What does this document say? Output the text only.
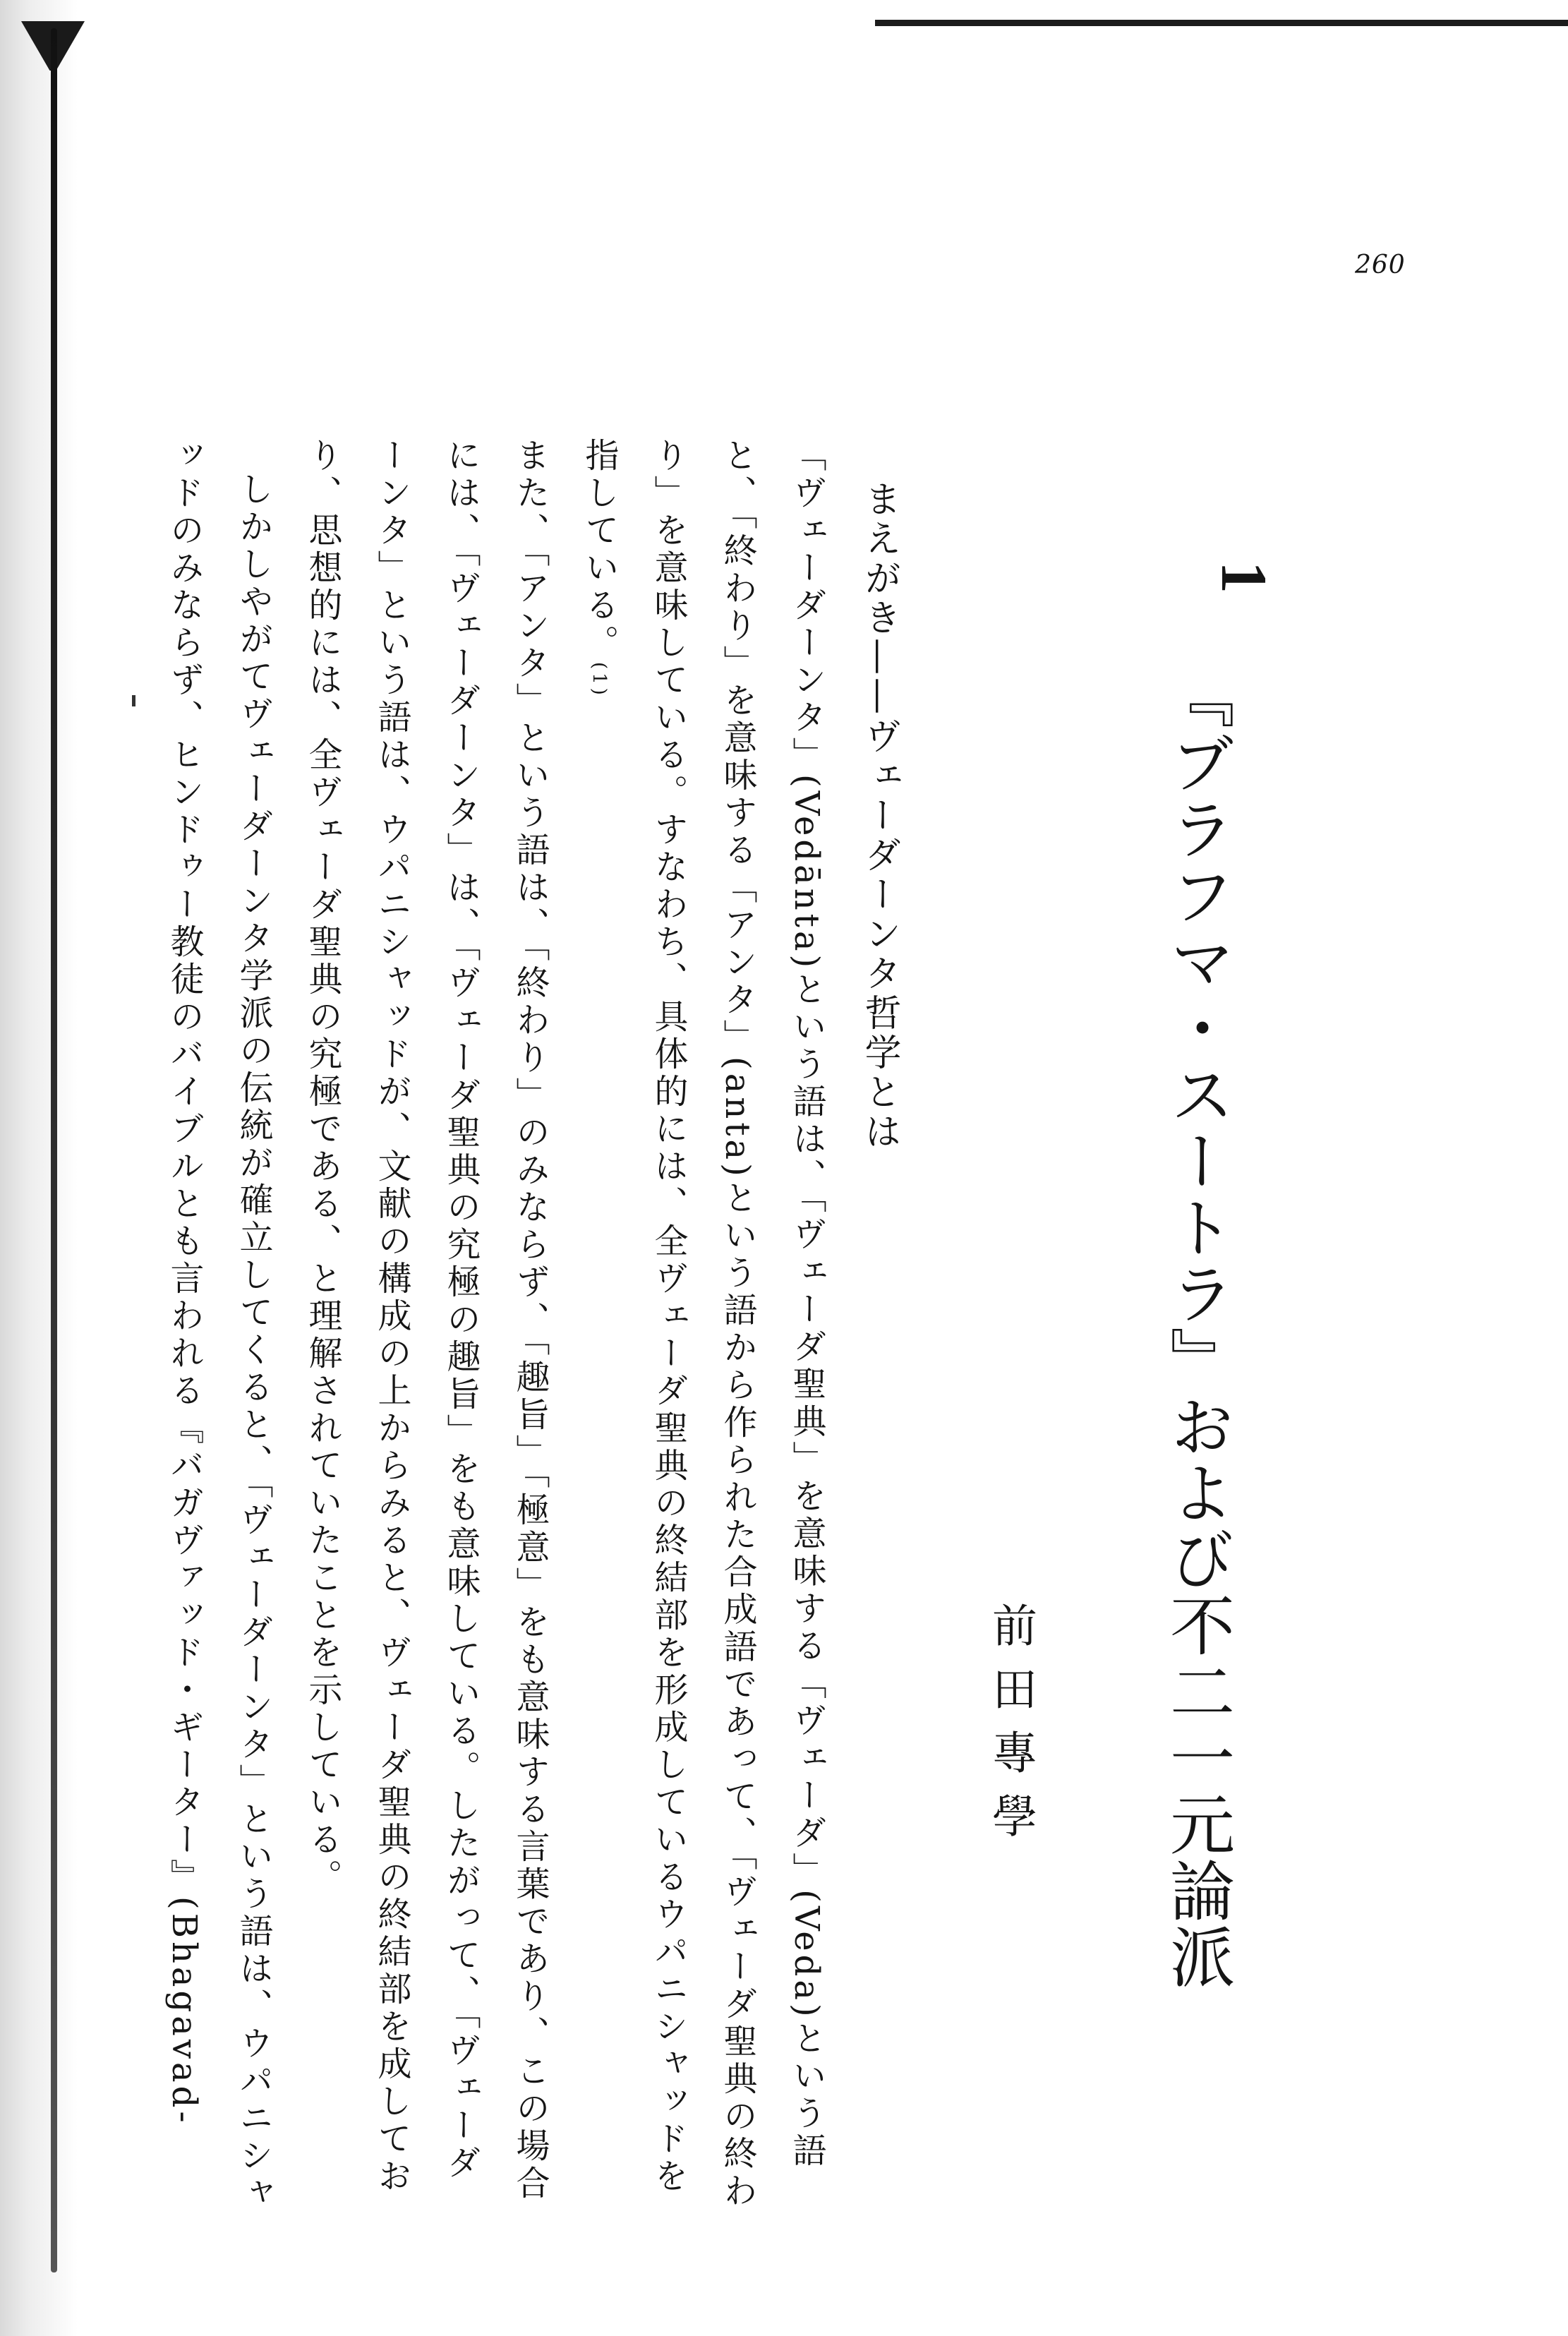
260
1
『ブラフマ・スートラ』および不二一元論派
前田專學
まえがき——ヴェーダーンタ哲学とは

「ヴェーダーンタ」(Vedānta)という語は、「ヴェーダ聖典」を意味する「ヴェーダ」(Veda)という語と、「終わり」を意味する「アンタ」(anta)という語から作られた合成語であって、「ヴェーダ聖典の終わり」を意味している。すなわち、具体的には、全ヴェーダ聖典の終結部を形成しているウパニシャッドを指している。$^{(1)}$

また、「アンタ」という語は、「終わり」のみならず、「趣旨」「極意」をも意味する言葉であり、この場合には、「ヴェーダーンタ」は、「ヴェーダ聖典の究極の趣旨」をも意味している。したがって、「ヴェーダーンタ」という語は、ウパニシャッドが、文献の構成の上からみると、ヴェーダ聖典の終結部を成しており、思想的には、全ヴェーダ聖典の究極である、と理解されていたことを示している。

しかしやがてヴェーダーンタ学派の伝統が確立してくると、「ヴェーダーンタ」という語は、ウパニシャッドのみならず、ヒンドゥー教徒のバイブルとも言われる『バガヴァッド・ギーター』(Bhagavad-
